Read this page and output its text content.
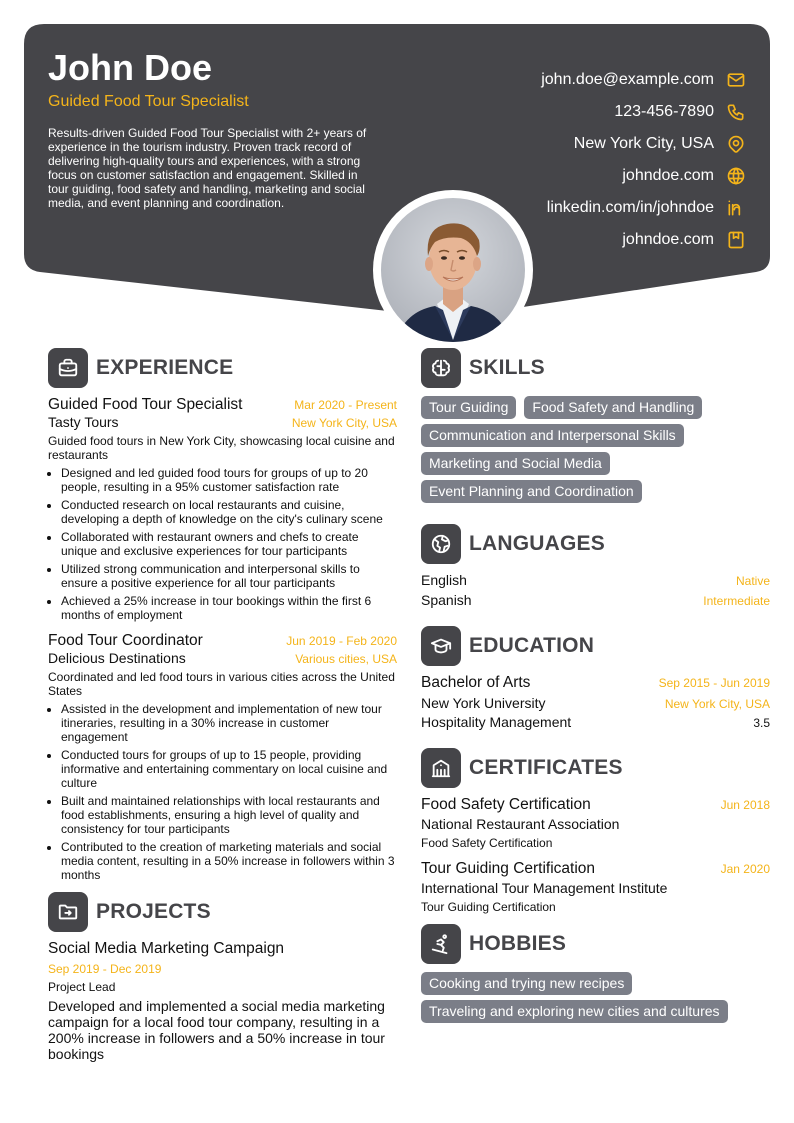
John Doe
Guided Food Tour Specialist
Results-driven Guided Food Tour Specialist with 2+ years of experience in the tourism industry. Proven track record of delivering high-quality tours and experiences, with a strong focus on customer satisfaction and engagement. Skilled in tour guiding, food safety and handling, marketing and social media, and event planning and coordination.
john.doe@example.com
123-456-7890
New York City, USA
johndoe.com
linkedin.com/in/johndoe
johndoe.com
EXPERIENCE
Guided Food Tour Specialist	Mar 2020 - Present
Tasty Tours	New York City, USA
Guided food tours in New York City, showcasing local cuisine and restaurants
• Designed and led guided food tours for groups of up to 20 people, resulting in a 95% customer satisfaction rate
• Conducted research on local restaurants and cuisine, developing a depth of knowledge on the city's culinary scene
• Collaborated with restaurant owners and chefs to create unique and exclusive experiences for tour participants
• Utilized strong communication and interpersonal skills to ensure a positive experience for all tour participants
• Achieved a 25% increase in tour bookings within the first 6 months of employment
Food Tour Coordinator	Jun 2019 - Feb 2020
Delicious Destinations	Various cities, USA
Coordinated and led food tours in various cities across the United States
• Assisted in the development and implementation of new tour itineraries, resulting in a 30% increase in customer engagement
• Conducted tours for groups of up to 15 people, providing informative and entertaining commentary on local cuisine and culture
• Built and maintained relationships with local restaurants and food establishments, ensuring a high level of quality and consistency for tour participants
• Contributed to the creation of marketing materials and social media content, resulting in a 50% increase in followers within 3 months
PROJECTS
Social Media Marketing Campaign
Sep 2019 - Dec 2019
Project Lead
Developed and implemented a social media marketing campaign for a local food tour company, resulting in a 200% increase in followers and a 50% increase in tour bookings
SKILLS
Tour Guiding	Food Safety and Handling
Communication and Interpersonal Skills
Marketing and Social Media
Event Planning and Coordination
LANGUAGES
English	Native
Spanish	Intermediate
EDUCATION
Bachelor of Arts	Sep 2015 - Jun 2019
New York University	New York City, USA
Hospitality Management	3.5
CERTIFICATES
Food Safety Certification	Jun 2018
National Restaurant Association
Food Safety Certification
Tour Guiding Certification	Jan 2020
International Tour Management Institute
Tour Guiding Certification
HOBBIES
Cooking and trying new recipes
Traveling and exploring new cities and cultures
